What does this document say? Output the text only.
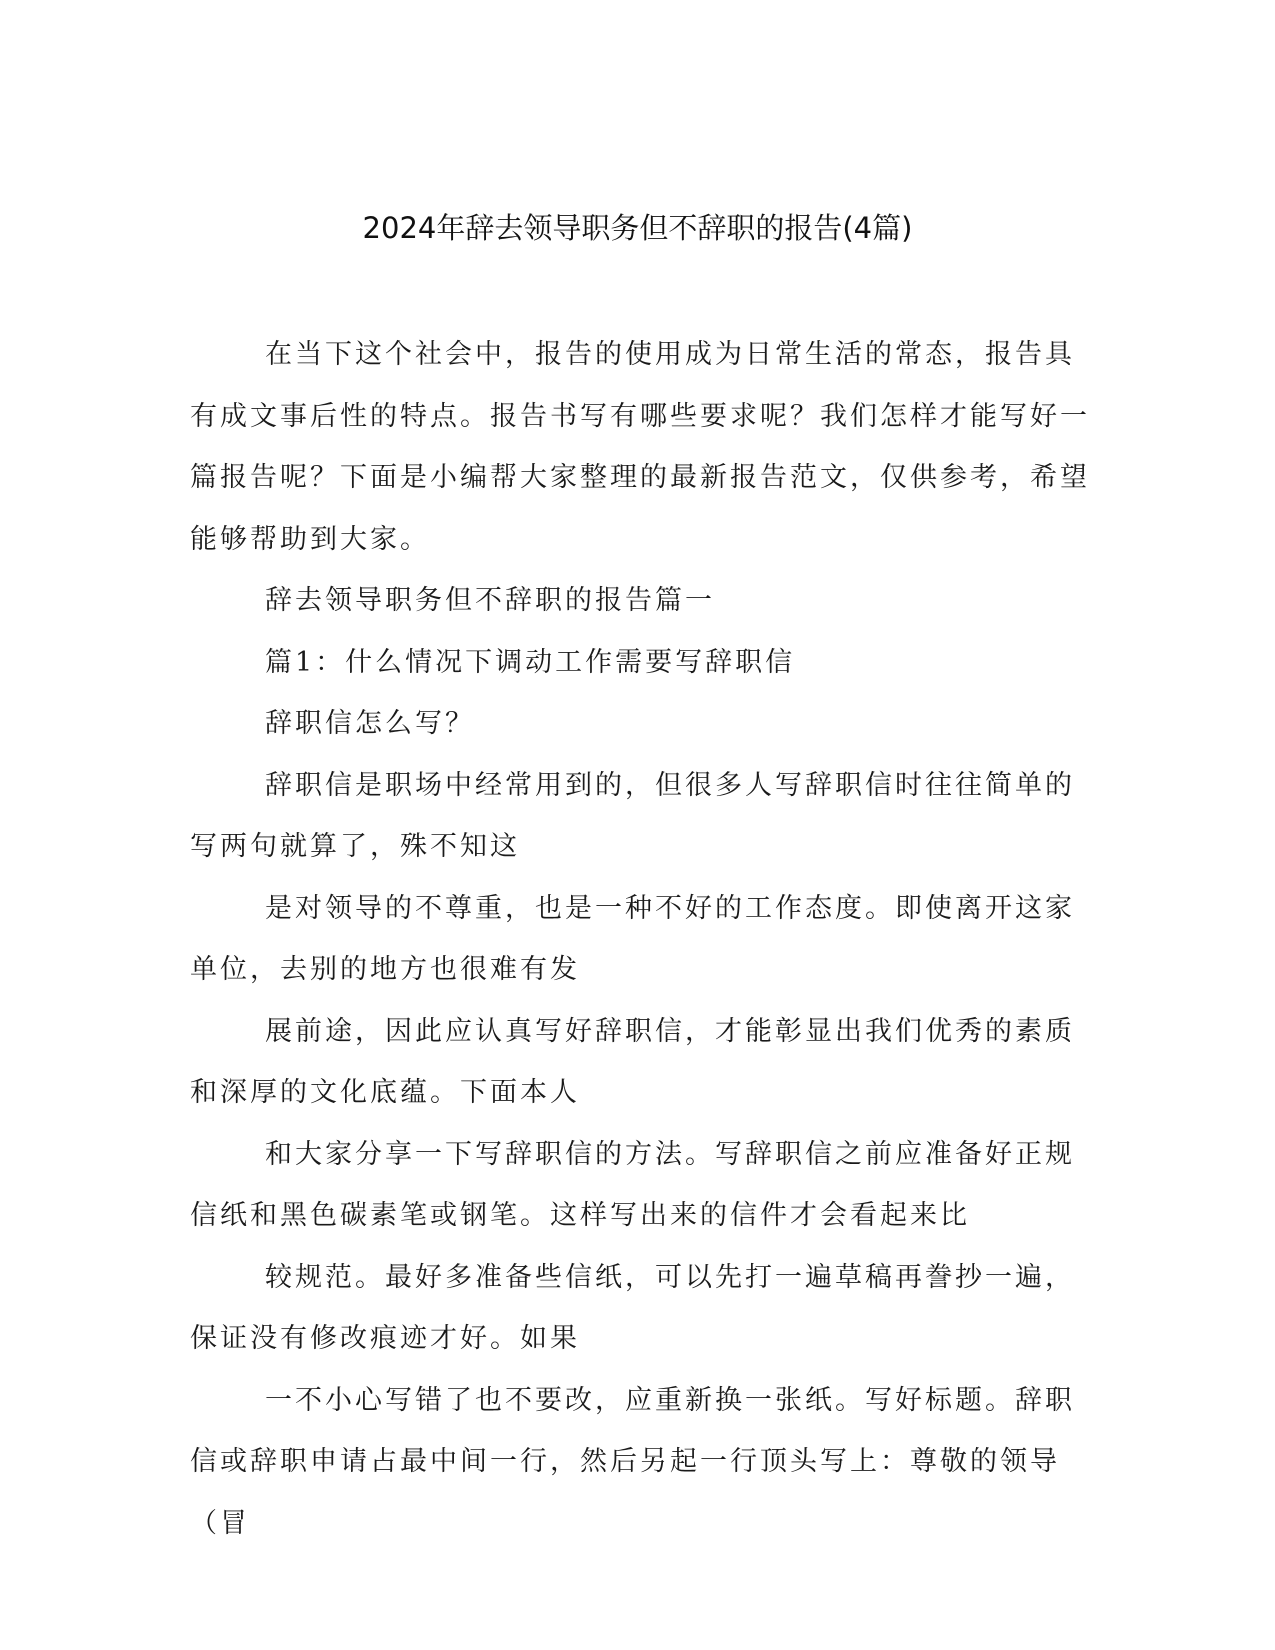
2024年辞去领导职务但不辞职的报告(4篇)

在当下这个社会中，报告的使用成为日常生活的常态，报告具有成文事后性的特点。报告书写有哪些要求呢？我们怎样才能写好一篇报告呢？下面是小编帮大家整理的最新报告范文，仅供参考，希望能够帮助到大家。

辞去领导职务但不辞职的报告篇一

篇1：什么情况下调动工作需要写辞职信

辞职信怎么写？

辞职信是职场中经常用到的，但很多人写辞职信时往往简单的写两句就算了，殊不知这

是对领导的不尊重，也是一种不好的工作态度。即使离开这家单位，去别的地方也很难有发

展前途，因此应认真写好辞职信，才能彰显出我们优秀的素质和深厚的文化底蕴。下面本人

和大家分享一下写辞职信的方法。写辞职信之前应准备好正规信纸和黑色碳素笔或钢笔。这样写出来的信件才会看起来比

较规范。最好多准备些信纸，可以先打一遍草稿再誊抄一遍，保证没有修改痕迹才好。如果

一不小心写错了也不要改，应重新换一张纸。写好标题。辞职信或辞职申请占最中间一行，然后另起一行顶头写上：尊敬的领导（冒
